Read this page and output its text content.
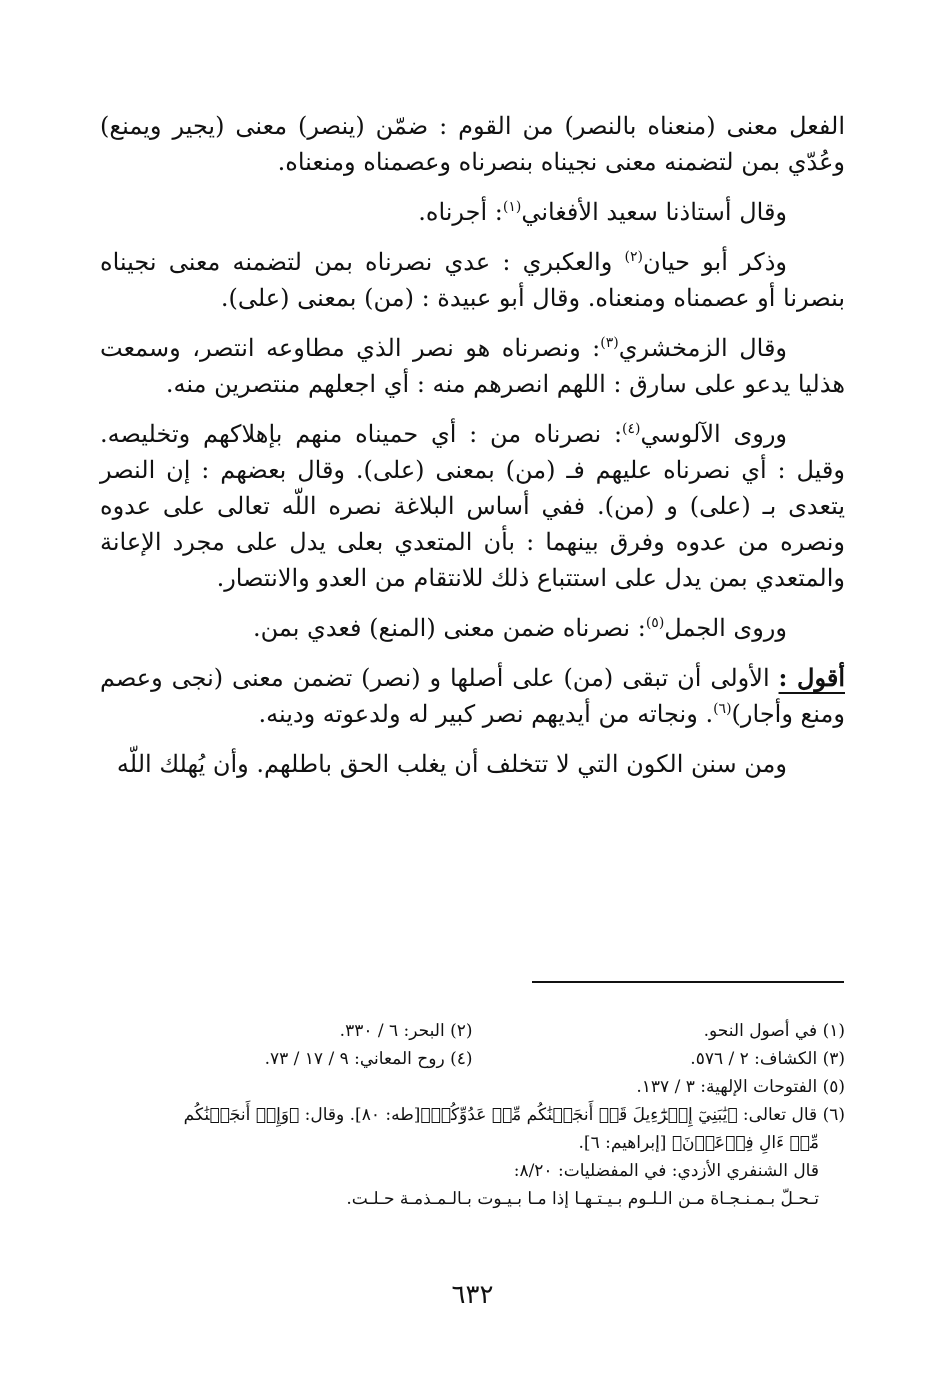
الفعل معنى (منعناه بالنصر) من القوم : ضمّن (ينصر) معنى (يجير ويمنع) وعُدّي بمن لتضمنه معنى نجيناه بنصرناه وعصمناه ومنعناه.

وقال أستاذنا سعيد الأفغاني$^{(١)}$: أجرناه.

وذكر أبو حيان$^{(٢)}$ والعكبري : عدي نصرناه بمن لتضمنه معنى نجيناه بنصرنا أو عصمناه ومنعناه. وقال أبو عبيدة : (من) بمعنى (على).

وقال الزمخشري$^{(٣)}$: ونصرناه هو نصر الذي مطاوعه انتصر، وسمعت هذليا يدعو على سارق : اللهم انصرهم منه : أي اجعلهم منتصرين منه.

وروى الآلوسي$^{(٤)}$: نصرناه من : أي حميناه منهم بإهلاكهم وتخليصه. وقيل : أي نصرناه عليهم فـ (من) بمعنى (على). وقال بعضهم : إن النصر يتعدى بـ (على) و (من). ففي أساس البلاغة نصره اللّه تعالى على عدوه ونصره من عدوه وفرق بينهما : بأن المتعدي بعلى يدل على مجرد الإعانة والمتعدي بمن يدل على استتباع ذلك للانتقام من العدو والانتصار.

وروى الجمل$^{(٥)}$: نصرناه ضمن معنى (المنع) فعدي بمن.

أقول : الأولى أن تبقى (من) على أصلها و (نصر) تضمن معنى (نجى وعصم ومنع وأجار)$^{(٦)}$. ونجاته من أيديهم نصر كبير له ولدعوته ودينه.

ومن سنن الكون التي لا تتخلف أن يغلب الحق باطلهم. وأن يُهلك اللّه

(١) في أصول النحو.
(٢) البحر: ٦ / ٣٣٠.
(٣) الكشاف: ٢ / ٥٧٦.
(٤) روح المعاني: ٩ / ١٧ / ٧٣.
(٥) الفتوحات الإلهية: ٣ / ١٣٧.
(٦) قال تعالى: ﴿يَٰبَنِيٓ إِسۡرَٰٓءِيلَ قَدۡ أَنجَيۡنَٰكُم مِّنۡ عَدُوِّكُمۡ﴾[طه: ٨٠]. وقال: ﴿وَإِذۡ أَنجَيۡنَٰكُم
مِّنۡ ءَالِ فِرۡعَوۡنَ﴾ [إبراهيم: ٦].
قال الشنفري الأزدي: في المفضليات: ٨/٢٠:
تـحـلّ بـمـنـجـاة مـن الـلـوم بـيـتـهـا إذا مـا بـيـوت بـالـمـذمـة حـلـت.
٦٣٢
